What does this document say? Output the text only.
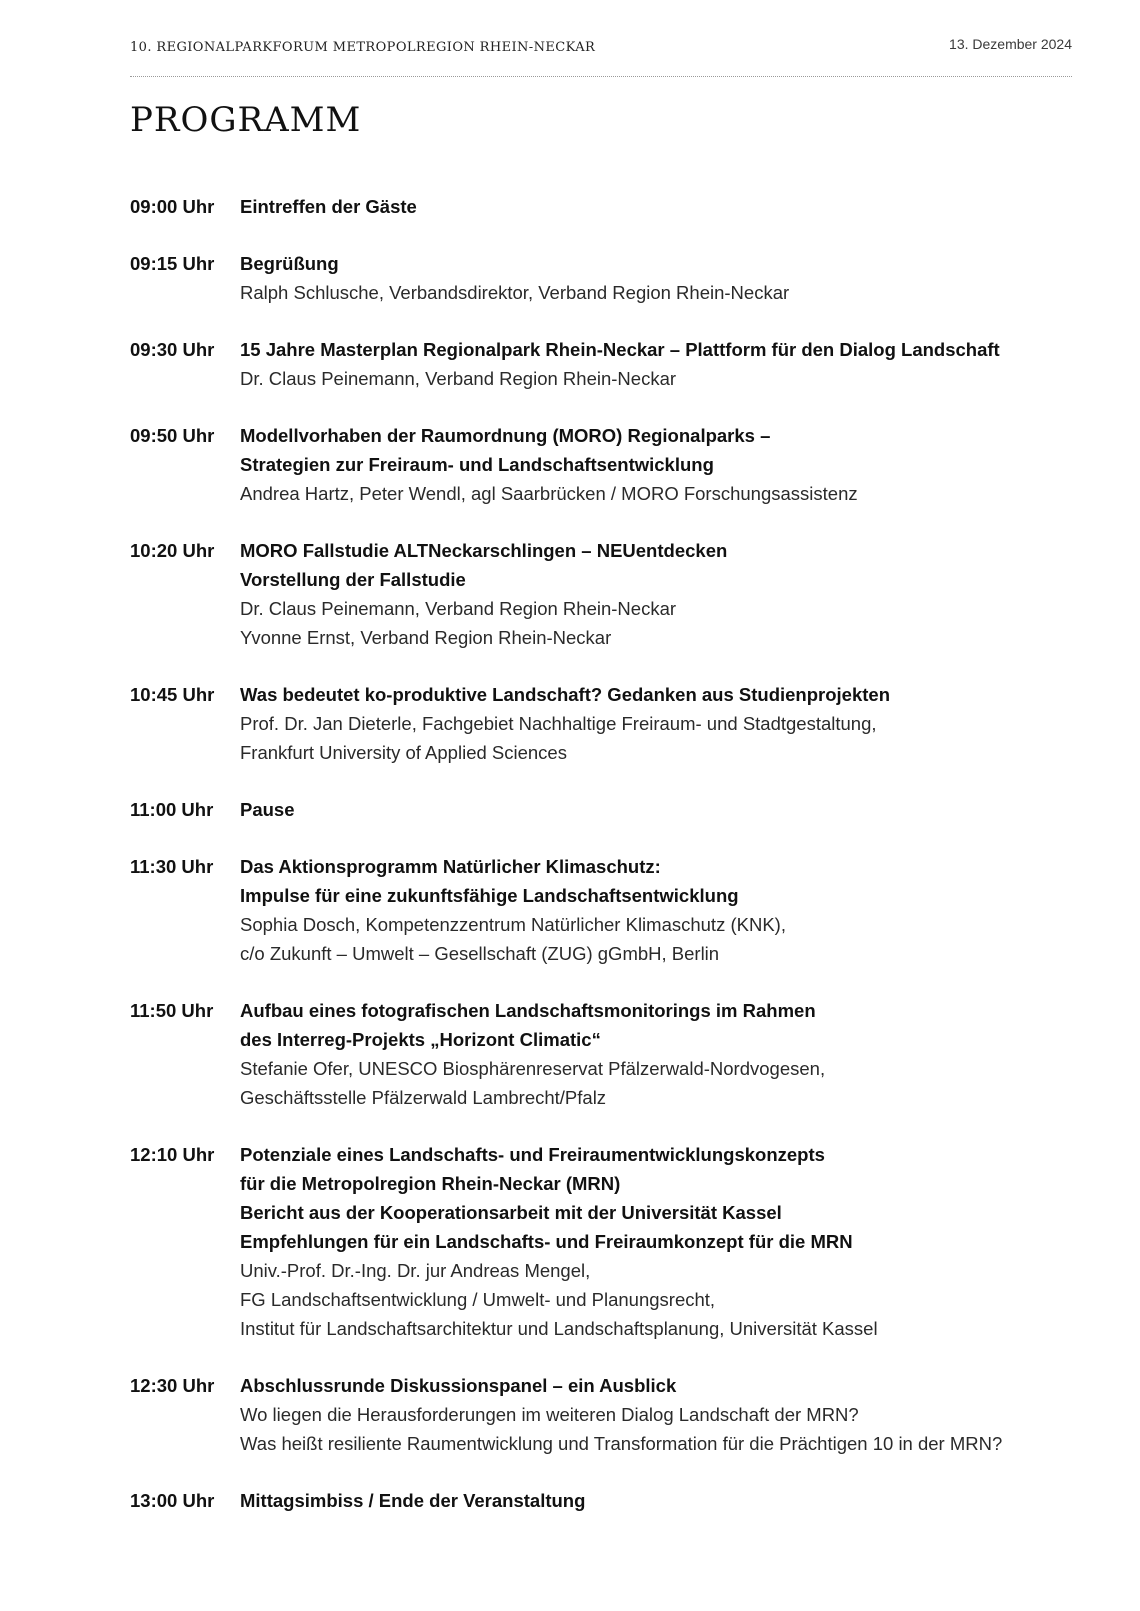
10. REGIONALPARKFORUM METROPOLREGION RHEIN-NECKAR	13. Dezember 2024
PROGRAMM
09:00 Uhr Eintreffen der Gäste
09:15 Uhr Begrüßung
Ralph Schlusche, Verbandsdirektor, Verband Region Rhein-Neckar
09:30 Uhr 15 Jahre Masterplan Regionalpark Rhein-Neckar – Plattform für den Dialog Landschaft
Dr. Claus Peinemann, Verband Region Rhein-Neckar
09:50 Uhr Modellvorhaben der Raumordnung (MORO) Regionalparks –
Strategien zur Freiraum- und Landschaftsentwicklung
Andrea Hartz, Peter Wendl, agl Saarbrücken / MORO Forschungsassistenz
10:20 Uhr MORO Fallstudie ALTNeckarschlingen – NEUentdecken
Vorstellung der Fallstudie
Dr. Claus Peinemann, Verband Region Rhein-Neckar
Yvonne Ernst, Verband Region Rhein-Neckar
10:45 Uhr Was bedeutet ko-produktive Landschaft? Gedanken aus Studienprojekten
Prof. Dr. Jan Dieterle, Fachgebiet Nachhaltige Freiraum- und Stadtgestaltung,
Frankfurt University of Applied Sciences
11:00 Uhr Pause
11:30 Uhr Das Aktionsprogramm Natürlicher Klimaschutz:
Impulse für eine zukunftsfähige Landschaftsentwicklung
Sophia Dosch, Kompetenzzentrum Natürlicher Klimaschutz (KNK),
c/o Zukunft – Umwelt – Gesellschaft (ZUG) gGmbH, Berlin
11:50 Uhr Aufbau eines fotografischen Landschaftsmonitorings im Rahmen
des Interreg-Projekts „Horizont Climatic“
Stefanie Ofer, UNESCO Biosphärenreservat Pfälzerwald-Nordvogesen,
Geschäftsstelle Pfälzerwald Lambrecht/Pfalz
12:10 Uhr Potenziale eines Landschafts- und Freiraumentwicklungskonzepts
für die Metropolregion Rhein-Neckar (MRN)
Bericht aus der Kooperationsarbeit mit der Universität Kassel
Empfehlungen für ein Landschafts- und Freiraumkonzept für die MRN
Univ.-Prof. Dr.-Ing. Dr. jur Andreas Mengel,
FG Landschaftsentwicklung / Umwelt- und Planungsrecht,
Institut für Landschaftsarchitektur und Landschaftsplanung, Universität Kassel
12:30 Uhr Abschlussrunde Diskussionspanel – ein Ausblick
Wo liegen die Herausforderungen im weiteren Dialog Landschaft der MRN?
Was heißt resiliente Raumentwicklung und Transformation für die Prächtigen 10 in der MRN?
13:00 Uhr Mittagsimbiss / Ende der Veranstaltung
